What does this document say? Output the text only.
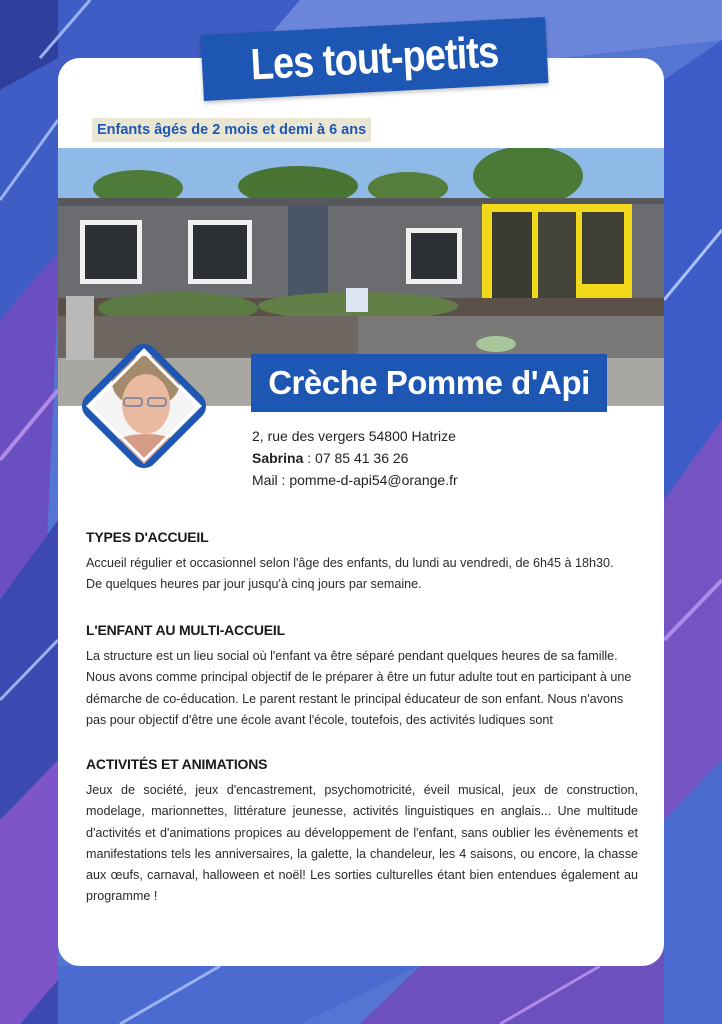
Les tout-petits
Enfants âgés de 2 mois et demi à 6 ans
Crèche Pomme d'Api
2, rue des vergers 54800 Hatrize
Sabrina : 07 85 41 36 26
Mail : pomme-d-api54@orange.fr
TYPES D'ACCUEIL
Accueil régulier et occasionnel selon l'âge des enfants, du lundi au vendredi, de 6h45 à 18h30.
De quelques heures par jour jusqu'à cinq jours par semaine.
L'ENFANT AU MULTI-ACCUEIL
La structure est un lieu social où l'enfant va être séparé pendant quelques heures de sa famille.
Nous avons comme principal objectif de le préparer à être un futur adulte tout en participant à une
démarche de co-éducation. Le parent restant le principal éducateur de son enfant. Nous n'avons
pas pour objectif d'être une école avant l'école, toutefois, des activités ludiques sont
ACTIVITÉS ET ANIMATIONS
Jeux de société, jeux d'encastrement, psychomotricité, éveil musical, jeux de construction, modelage, marionnettes, littérature jeunesse, activités linguistiques en anglais... Une multitude d'activités et d'animations propices au développement de l'enfant, sans oublier les évènements et manifestations tels les anniversaires, la galette, la chandeleur, les 4 saisons, ou encore, la chasse aux œufs, carnaval, halloween et noël! Les sorties culturelles étant bien entendues également au programme !
